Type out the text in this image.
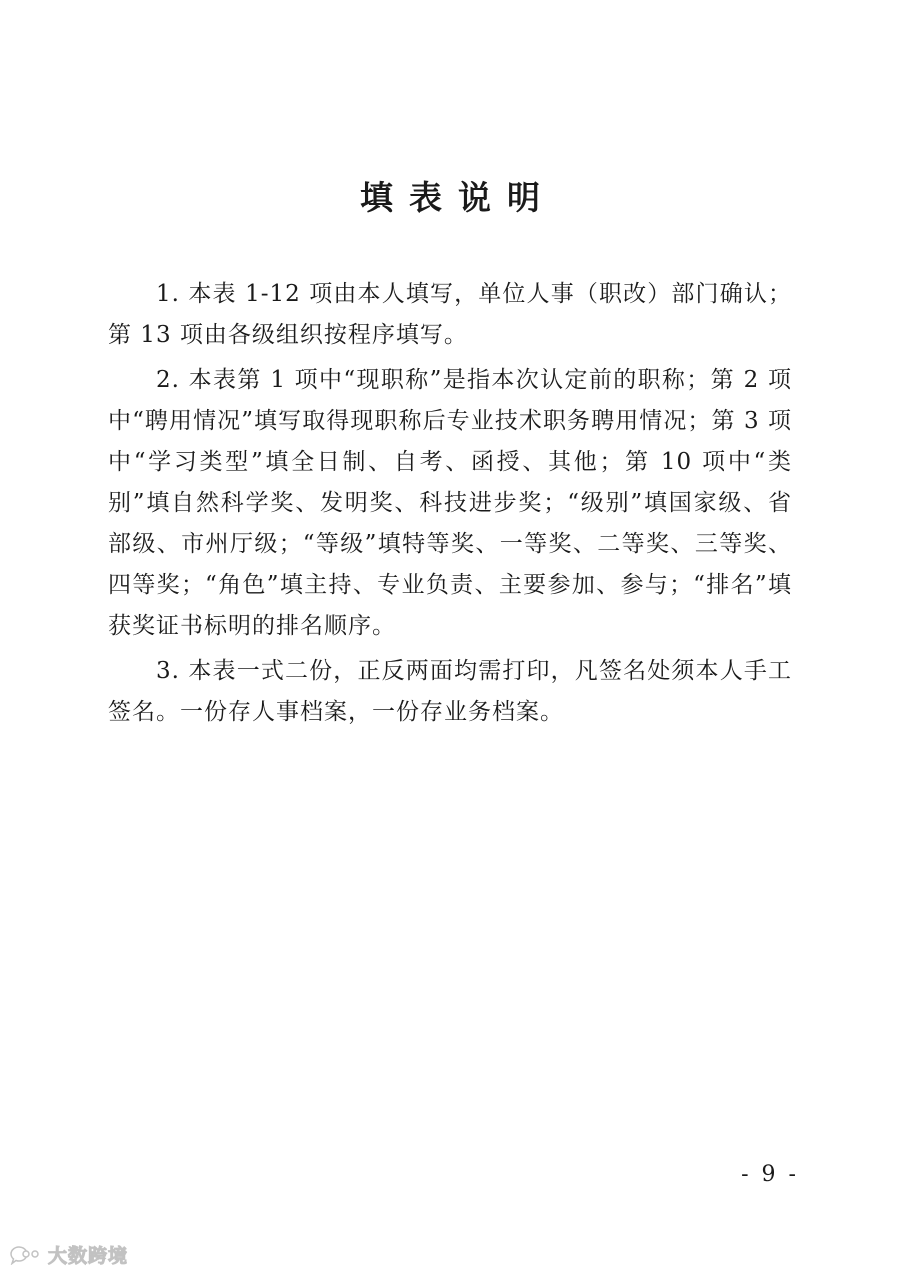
填表说明

1. 本表 1-12 项由本人填写，单位人事（职改）部门确认；第 13 项由各级组织按程序填写。

2. 本表第 1 项中“现职称”是指本次认定前的职称；第 2 项中“聘用情况”填写取得现职称后专业技术职务聘用情况；第 3 项中“学习类型”填全日制、自考、函授、其他；第 10 项中“类别”填自然科学奖、发明奖、科技进步奖；“级别”填国家级、省部级、市州厅级；“等级”填特等奖、一等奖、二等奖、三等奖、四等奖；“角色”填主持、专业负责、主要参加、参与；“排名”填获奖证书标明的排名顺序。

3. 本表一式二份，正反两面均需打印，凡签名处须本人手工签名。一份存人事档案，一份存业务档案。

- 9 -
大数跨境
